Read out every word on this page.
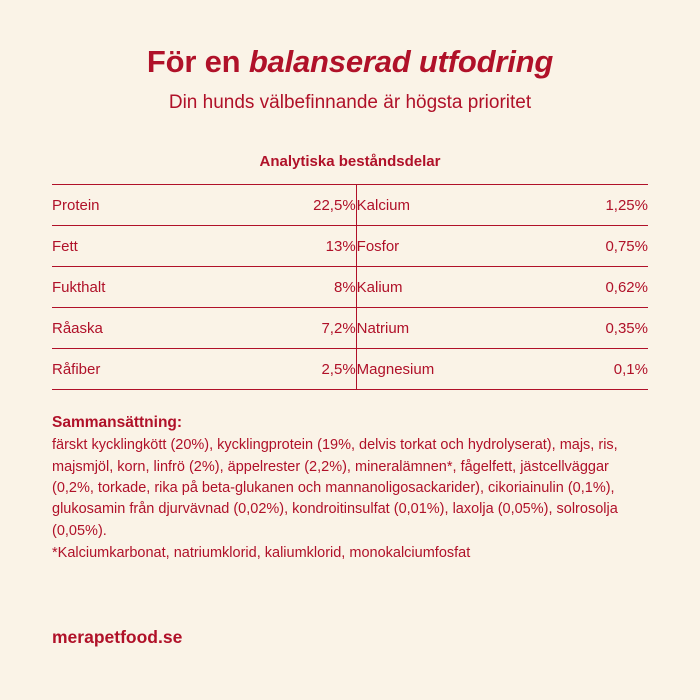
För en balanserad utfodring
Din hunds välbefinnande är högsta prioritet
Analytiska beståndsdelar
Protein	22,5%	Kalcium	1,25%
Fett	13%	Fosfor	0,75%
Fukthalt	8%	Kalium	0,62%
Råaska	7,2%	Natrium	0,35%
Råfiber	2,5%	Magnesium	0,1%
Sammansättning:

färskt kycklingkött (20%), kycklingprotein (19%, delvis torkat och hydrolyserat), majs, ris, majsmjöl, korn, linfrö (2%), äppelrester (2,2%), mineralämnen*, fågelfett, jästcellväggar (0,2%, torkade, rika på beta-glukanen och mannanoligosackarider), cikoriainulin (0,1%), glukosamin från djurvävnad (0,02%), kondroitinsulfat (0,01%), laxolja (0,05%), solrosolja (0,05%).

*Kalciumkarbonat, natriumklorid, kaliumklorid, monokalciumfosfat

merapetfood.se
